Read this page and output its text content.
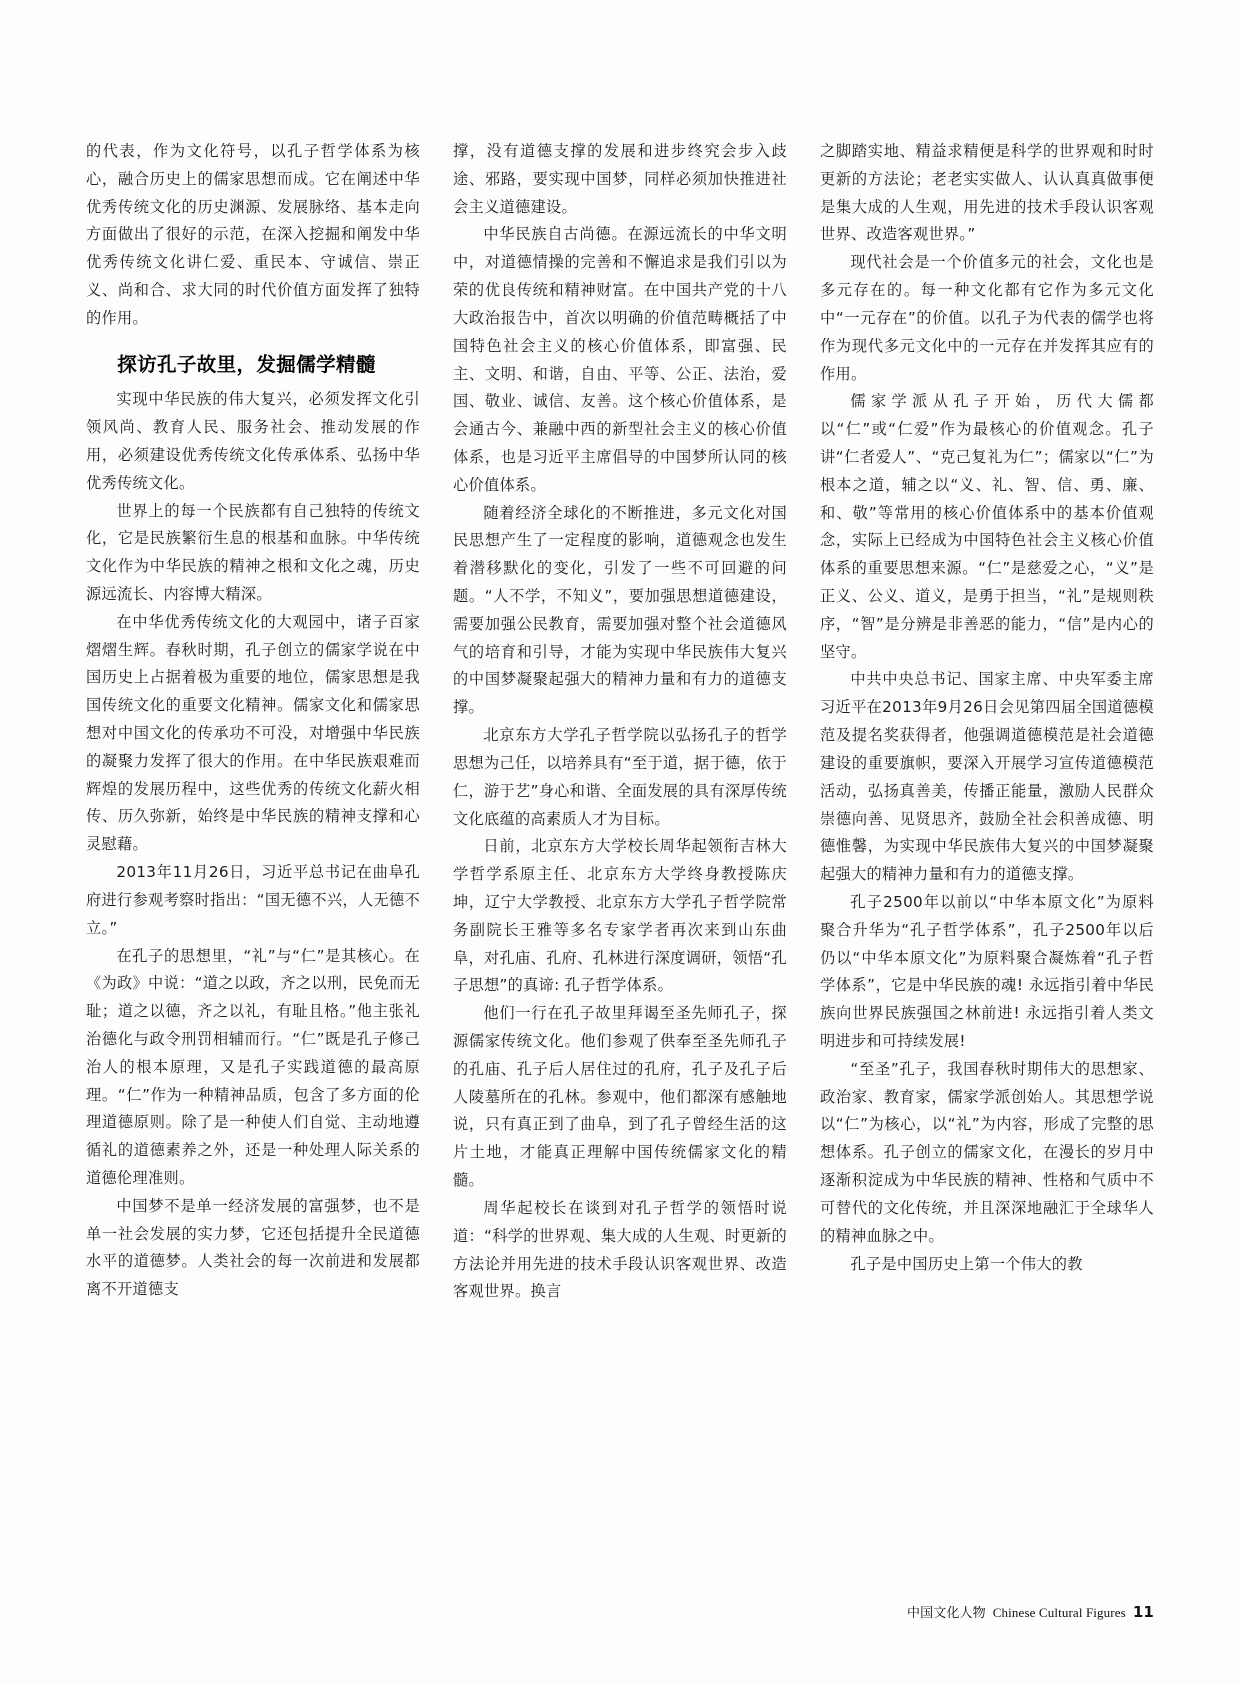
的代表，作为文化符号，以孔子哲学体系为核心，融合历史上的儒家思想而成。它在阐述中华优秀传统文化的历史渊源、发展脉络、基本走向方面做出了很好的示范，在深入挖掘和阐发中华优秀传统文化讲仁爱、重民本、守诚信、崇正义、尚和合、求大同的时代价值方面发挥了独特的作用。

探访孔子故里，发掘儒学精髓

实现中华民族的伟大复兴，必须发挥文化引领风尚、教育人民、服务社会、推动发展的作用，必须建设优秀传统文化传承体系、弘扬中华优秀传统文化。

世界上的每一个民族都有自己独特的传统文化，它是民族繁衍生息的根基和血脉。中华传统文化作为中华民族的精神之根和文化之魂，历史源远流长、内容博大精深。

在中华优秀传统文化的大观园中，诸子百家熠熠生辉。春秋时期，孔子创立的儒家学说在中国历史上占据着极为重要的地位，儒家思想是我国传统文化的重要文化精神。儒家文化和儒家思想对中国文化的传承功不可没，对增强中华民族的凝聚力发挥了很大的作用。在中华民族艰难而辉煌的发展历程中，这些优秀的传统文化薪火相传、历久弥新，始终是中华民族的精神支撑和心灵慰藉。

2013年11月26日，习近平总书记在曲阜孔府进行参观考察时指出：“国无德不兴，人无德不立。”

在孔子的思想里，“礼”与“仁”是其核心。在《为政》中说：“道之以政，齐之以刑，民免而无耻；道之以德，齐之以礼，有耻且格。”他主张礼治德化与政令刑罚相辅而行。“仁”既是孔子修己治人的根本原理，又是孔子实践道德的最高原理。“仁”作为一种精神品质，包含了多方面的伦理道德原则。除了是一种使人们自觉、主动地遵循礼的道德素养之外，还是一种处理人际关系的道德伦理准则。

中国梦不是单一经济发展的富强梦，也不是单一社会发展的实力梦，它还包括提升全民道德水平的道德梦。人类社会的每一次前进和发展都离不开道德支

撑，没有道德支撑的发展和进步终究会步入歧途、邪路，要实现中国梦，同样必须加快推进社会主义道德建设。

中华民族自古尚德。在源远流长的中华文明中，对道德情操的完善和不懈追求是我们引以为荣的优良传统和精神财富。在中国共产党的十八大政治报告中，首次以明确的价值范畴概括了中国特色社会主义的核心价值体系，即富强、民主、文明、和谐，自由、平等、公正、法治，爱国、敬业、诚信、友善。这个核心价值体系，是会通古今、兼融中西的新型社会主义的核心价值体系，也是习近平主席倡导的中国梦所认同的核心价值体系。

随着经济全球化的不断推进，多元文化对国民思想产生了一定程度的影响，道德观念也发生着潜移默化的变化，引发了一些不可回避的问题。“人不学，不知义”，要加强思想道德建设，需要加强公民教育，需要加强对整个社会道德风气的培育和引导，才能为实现中华民族伟大复兴的中国梦凝聚起强大的精神力量和有力的道德支撑。

北京东方大学孔子哲学院以弘扬孔子的哲学思想为己任，以培养具有“至于道，据于德，依于仁，游于艺”身心和谐、全面发展的具有深厚传统文化底蕴的高素质人才为目标。

日前，北京东方大学校长周华起领衔吉林大学哲学系原主任、北京东方大学终身教授陈庆坤，辽宁大学教授、北京东方大学孔子哲学院常务副院长王雅等多名专家学者再次来到山东曲阜，对孔庙、孔府、孔林进行深度调研，领悟“孔子思想”的真谛: 孔子哲学体系。

他们一行在孔子故里拜谒至圣先师孔子，探源儒家传统文化。他们参观了供奉至圣先师孔子的孔庙、孔子后人居住过的孔府，孔子及孔子后人陵墓所在的孔林。参观中，他们都深有感触地说，只有真正到了曲阜，到了孔子曾经生活的这片土地，才能真正理解中国传统儒家文化的精髓。

周华起校长在谈到对孔子哲学的领悟时说道：“科学的世界观、集大成的人生观、时更新的方法论并用先进的技术手段认识客观世界、改造客观世界。换言

之脚踏实地、精益求精便是科学的世界观和时时更新的方法论；老老实实做人、认认真真做事便是集大成的人生观，用先进的技术手段认识客观世界、改造客观世界。”

现代社会是一个价值多元的社会，文化也是多元存在的。每一种文化都有它作为多元文化中“一元存在”的价值。以孔子为代表的儒学也将作为现代多元文化中的一元存在并发挥其应有的作用。

儒家学派从孔子开始，历代大儒都以“仁”或“仁爱”作为最核心的价值观念。孔子讲“仁者爱人”、“克己复礼为仁”；儒家以“仁”为根本之道，辅之以“义、礼、智、信、勇、廉、和、敬”等常用的核心价值体系中的基本价值观念，实际上已经成为中国特色社会主义核心价值体系的重要思想来源。“仁”是慈爱之心，“义”是正义、公义、道义，是勇于担当，“礼”是规则秩序，“智”是分辨是非善恶的能力，“信”是内心的坚守。

中共中央总书记、国家主席、中央军委主席习近平在2013年9月26日会见第四届全国道德模范及提名奖获得者，他强调道德模范是社会道德建设的重要旗帜，要深入开展学习宣传道德模范活动，弘扬真善美，传播正能量，激励人民群众崇德向善、见贤思齐，鼓励全社会积善成德、明德惟馨，为实现中华民族伟大复兴的中国梦凝聚起强大的精神力量和有力的道德支撑。

孔子2500年以前以“中华本原文化”为原料聚合升华为“孔子哲学体系”，孔子2500年以后仍以“中华本原文化”为原料聚合凝炼着“孔子哲学体系”，它是中华民族的魂! 永远指引着中华民族向世界民族强国之林前进! 永远指引着人类文明进步和可持续发展!

“至圣”孔子，我国春秋时期伟大的思想家、政治家、教育家，儒家学派创始人。其思想学说以“仁”为核心，以“礼”为内容，形成了完整的思想体系。孔子创立的儒家文化，在漫长的岁月中逐渐积淀成为中华民族的精神、性格和气质中不可替代的文化传统，并且深深地融汇于全球华人的精神血脉之中。

孔子是中国历史上第一个伟大的教

中国文化人物 Chinese Cultural Figures 11
